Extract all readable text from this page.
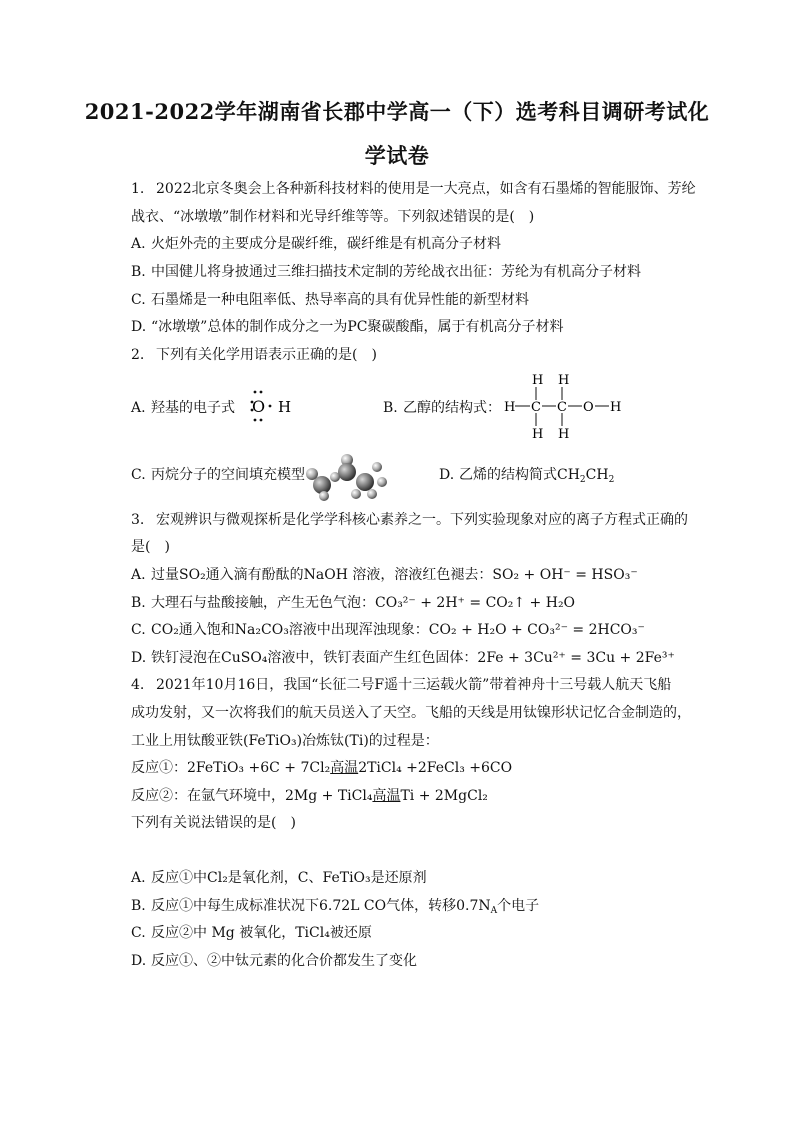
2021-2022学年湖南省长郡中学高一（下）选考科目调研考试化
学试卷
1. 2022北京冬奥会上各种新科技材料的使用是一大亮点，如含有石墨烯的智能服饰、芳纶
战衣、“冰墩墩”制作材料和光导纤维等等。下列叙述错误的是(　)
A. 火炬外壳的主要成分是碳纤维，碳纤维是有机高分子材料
B. 中国健儿将身披通过三维扫描技术定制的芳纶战衣出征：芳纶为有机高分子材料
C. 石墨烯是一种电阻率低、热导率高的具有优异性能的新型材料
D. “冰墩墩”总体的制作成分之一为PC聚碳酸酯，属于有机高分子材料
2. 下列有关化学用语表示正确的是(　)
A. 羟基的电子式 O H	B. 乙醇的结构式：
H H
H C C O H
H H
C. 丙烷分子的空间填充模型	D. 乙烯的结构简式$CH_2CH_2$
3. 宏观辨识与微观探析是化学学科核心素养之一。下列实验现象对应的离子方程式正确的
是(　)
A. 过量SO₂通入滴有酚酞的NaOH 溶液，溶液红色褪去：SO₂ + OH⁻ = HSO₃⁻
B. 大理石与盐酸接触，产生无色气泡：CO₃²⁻ + 2H⁺ = CO₂↑ + H₂O
C. CO₂通入饱和Na₂CO₃溶液中出现浑浊现象：CO₂ + H₂O + CO₃²⁻ = 2HCO₃⁻
D. 铁钉浸泡在CuSO₄溶液中，铁钉表面产生红色固体：2Fe + 3Cu²⁺ = 3Cu + 2Fe³⁺
4. 2021年10月16日，我国“长征二号F遥十三运载火箭”带着神舟十三号载人航天飞船
成功发射，又一次将我们的航天员送入了天空。飞船的天线是用钛镍形状记忆合金制造的，
工业上用钛酸亚铁(FeTiO₃)冶炼钛(Ti)的过程是：
反应①：2FeTiO₃ +6C + 7Cl₂高温2TiCl₄ +2FeCl₃ +6CO
反应②：在氩气环境中，2Mg + TiCl₄高温Ti + 2MgCl₂
下列有关说法错误的是(　)
A. 反应①中Cl₂是氧化剂，C、FeTiO₃是还原剂
B. 反应①中每生成标准状况下6.72L CO气体，转移$0.7N_A$个电子
C. 反应②中 Mg 被氧化，TiCl₄被还原
D. 反应①、②中钛元素的化合价都发生了变化
